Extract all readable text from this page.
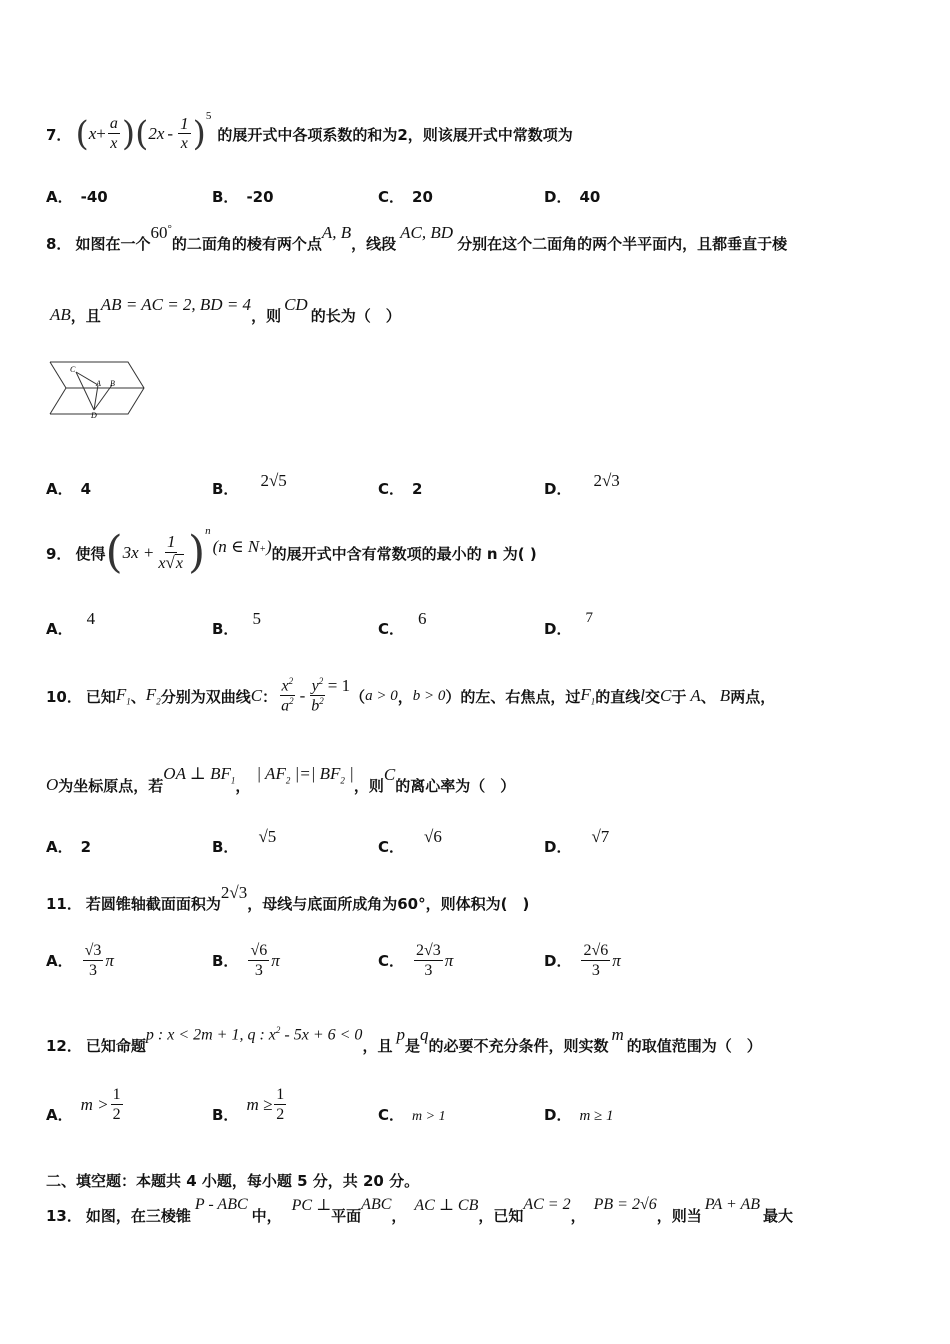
7． ( $x + \frac{a}{x}$ ) ( $2x - \frac{1}{x}$ ) 5
的展开式中各项系数的和为2，则该展开式中常数项为
A． -40	B． -20	C． 20	D． 40
8． 如图在一个
60°
的二面角的棱有两个点
A, B
，线段
AC, BD
分别在这个二面角的两个半平面内，且都垂直于棱
AB ，且
AB = AC = 2, BD = 4
，则
CD
的长为（　）
C
A B
D
A． 4	B． 2√5	C． 2	D． 2√3
9． 使得 ( $3x + \frac{1}{x√x}$ ) n
(n ∈ N+) 的展开式中含有常数项的最小的 n 为( )
A．
4
B．
5
C．
6
D．
7
10． 已知 $F_1$ 、 $F_2$ 分别为双曲线 C ： $\frac{x^2}{a^2} - \frac{y^2}{b^2} = 1$
（ a > 0 ， b > 0 ）的左、右焦点，过 $F_1$ 的直线 l 交 C 于 A 、 B 两点，
O 为坐标原点，若
OA ⊥ $BF_1$ ，
| $AF_2$ |=| $BF_2$ |
，则
C
的离心率为（　）
A． 2	B．
√5
C．
√6
D．
√7
11． 若圆锥轴截面面积为
2√3
，母线与底面所成角为60°，则体积为(　)
A． $\frac{√3}{3}$ π	B． $\frac{√6}{3}$ π	C． $\frac{2√3}{3}$ π	D． $\frac{2√6}{3}$ π
12． 已知命题
p : x < 2m + 1, q : $x^2 - 5x + 6 < 0$
，且
p
是
q
的必要不充分条件，则实数
m
的取值范围为（　）
A．
$m > \frac{1}{2}$	B．
$m \ge \frac{1}{2}$	C． m > 1	D． m ≥ 1
二、填空题：本题共 4 小题，每小题 5 分，共 20 分。
13． 如图，在三棱锥
P - ABC
中，
PC ⊥
平面
ABC
，
AC ⊥ CB
，已知
AC = 2
，
PB = 2√6
，则当
PA + AB
最大
